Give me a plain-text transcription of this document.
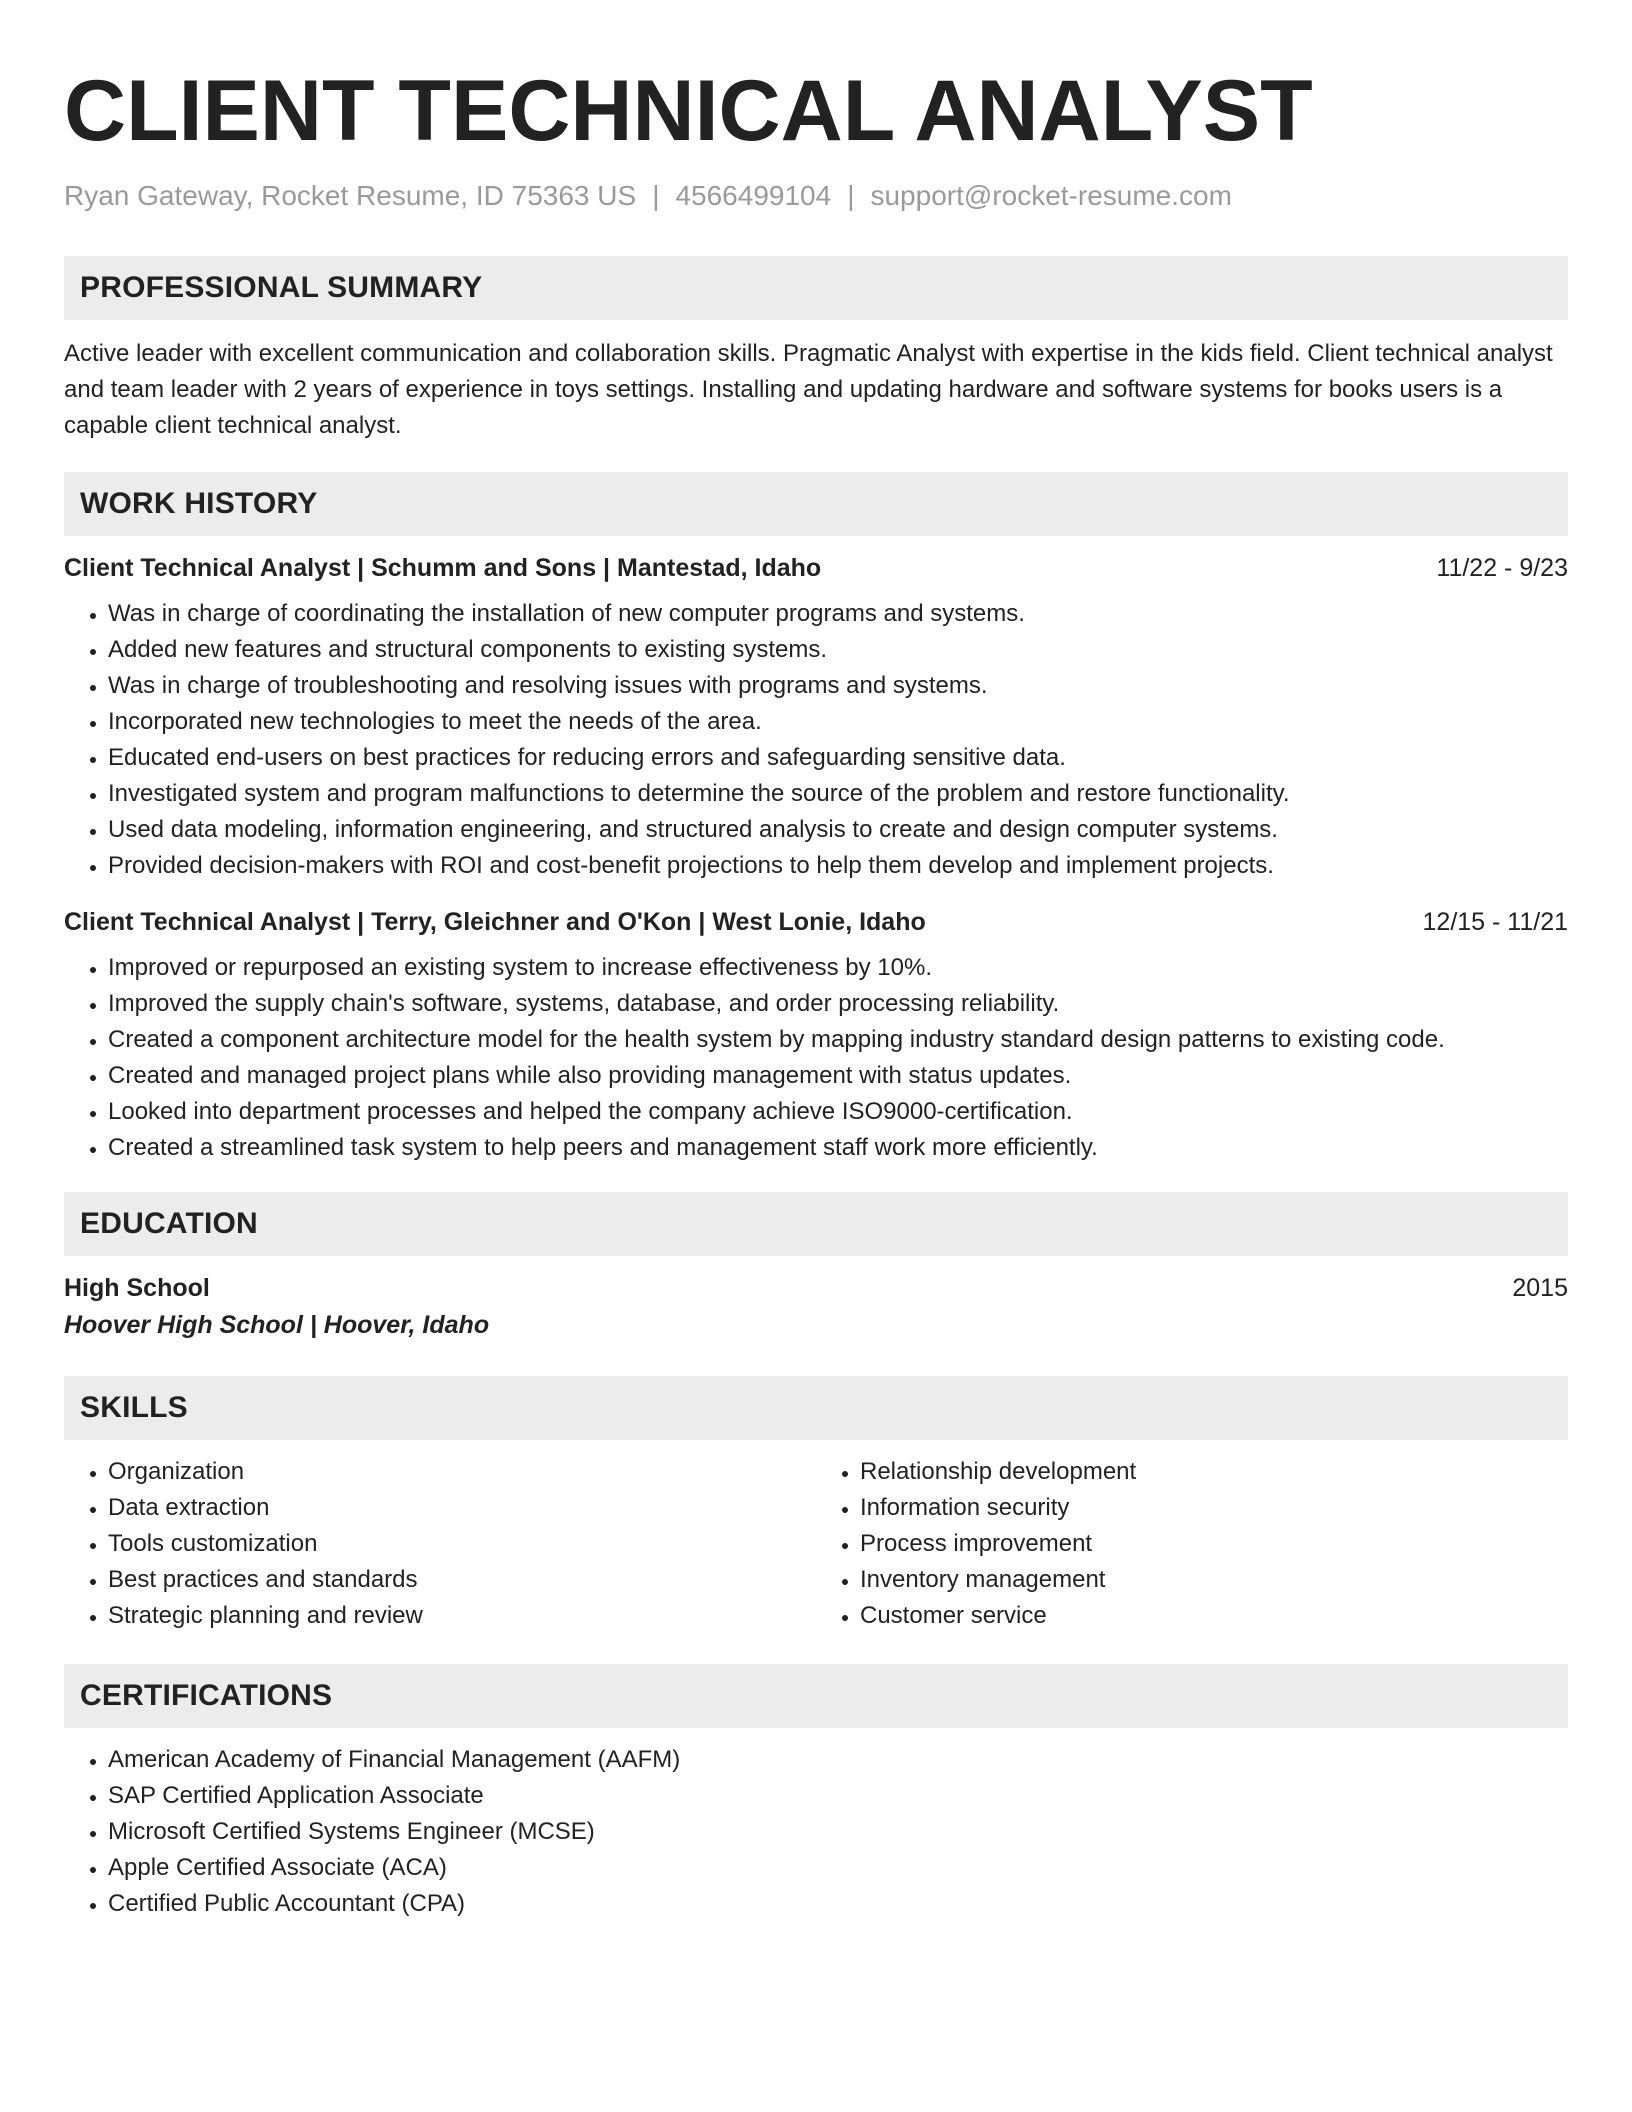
CLIENT TECHNICAL ANALYST
Ryan Gateway, Rocket Resume, ID 75363 US | 4566499104 | support@rocket-resume.com
PROFESSIONAL SUMMARY
Active leader with excellent communication and collaboration skills. Pragmatic Analyst with expertise in the kids field. Client technical analyst and team leader with 2 years of experience in toys settings. Installing and updating hardware and software systems for books users is a capable client technical analyst.
WORK HISTORY
Client Technical Analyst | Schumm and Sons | Mantestad, Idaho	11/22 - 9/23
• Was in charge of coordinating the installation of new computer programs and systems.
• Added new features and structural components to existing systems.
• Was in charge of troubleshooting and resolving issues with programs and systems.
• Incorporated new technologies to meet the needs of the area.
• Educated end-users on best practices for reducing errors and safeguarding sensitive data.
• Investigated system and program malfunctions to determine the source of the problem and restore functionality.
• Used data modeling, information engineering, and structured analysis to create and design computer systems.
• Provided decision-makers with ROI and cost-benefit projections to help them develop and implement projects.
Client Technical Analyst | Terry, Gleichner and O'Kon | West Lonie, Idaho	12/15 - 11/21
• Improved or repurposed an existing system to increase effectiveness by 10%.
• Improved the supply chain's software, systems, database, and order processing reliability.
• Created a component architecture model for the health system by mapping industry standard design patterns to existing code.
• Created and managed project plans while also providing management with status updates.
• Looked into department processes and helped the company achieve ISO9000-certification.
• Created a streamlined task system to help peers and management staff work more efficiently.
EDUCATION
High School	2015
Hoover High School | Hoover, Idaho
SKILLS
• Organization
• Data extraction
• Tools customization
• Best practices and standards
• Strategic planning and review
• Relationship development
• Information security
• Process improvement
• Inventory management
• Customer service
CERTIFICATIONS
• American Academy of Financial Management (AAFM)
• SAP Certified Application Associate
• Microsoft Certified Systems Engineer (MCSE)
• Apple Certified Associate (ACA)
• Certified Public Accountant (CPA)
